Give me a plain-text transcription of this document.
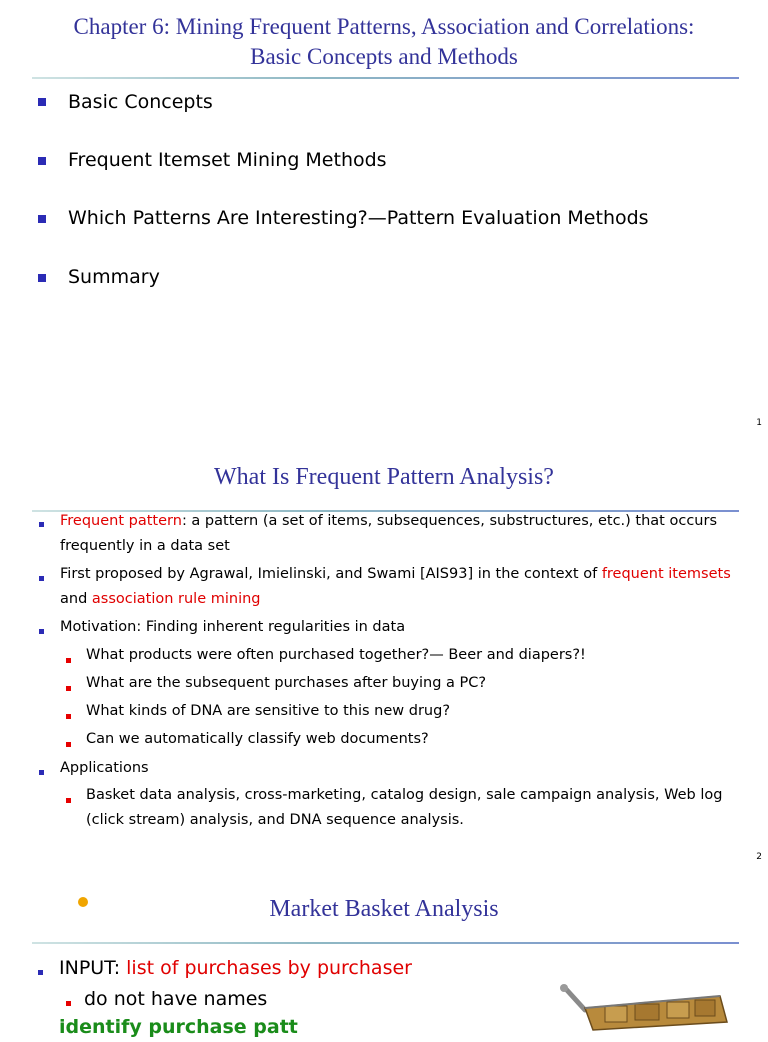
Chapter 6: Mining Frequent Patterns, Association and Correlations:
Basic Concepts and Methods
Basic Concepts
Frequent Itemset Mining Methods
Which Patterns Are Interesting?—Pattern Evaluation Methods
Summary
1
What Is Frequent Pattern Analysis?
Frequent pattern: a pattern (a set of items, subsequences, substructures, etc.) that occurs
frequently in a data set
First proposed by Agrawal, Imielinski, and Swami [AIS93] in the context of frequent itemsets
and association rule mining
Motivation: Finding inherent regularities in data
What products were often purchased together?— Beer and diapers?!
What are the subsequent purchases after buying a PC?
What kinds of DNA are sensitive to this new drug?
Can we automatically classify web documents?
Applications
Basket data analysis, cross-marketing, catalog design, sale campaign analysis, Web log
(click stream) analysis, and DNA sequence analysis.
2
Market Basket Analysis
INPUT: list of purchases by purchaser
do not have names
identify purchase patt
